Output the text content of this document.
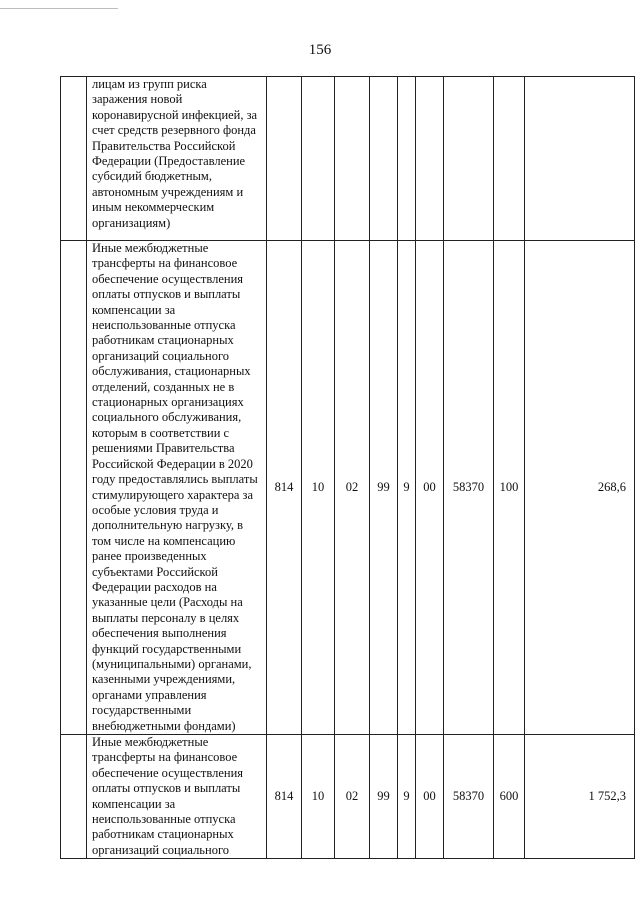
156
	лицам из групп риска заражения новой коронавирусной инфекцией, за счет средств резервного фонда Правительства Российской Федерации (Предоставление субсидий бюджетным, автономным учреждениям и иным некоммерческим организациям)									
	Иные межбюджетные трансферты на финансовое обеспечение осуществления оплаты отпусков и выплаты компенсации за неиспользованные отпуска работникам стационарных организаций социального обслуживания, стационарных отделений, созданных не в стационарных организациях социального обслуживания, которым в соответствии с решениями Правительства Российской Федерации в 2020 году предоставлялись выплаты стимулирующего характера за особые условия труда и дополнительную нагрузку, в том числе на компенсацию ранее произведенных субъектами Российской Федерации расходов на указанные цели (Расходы на выплаты персоналу в целях обеспечения выполнения функций государственными (муниципальными) органами, казенными учреждениями, органами управления государственными внебюджетными фондами)	814	10	02	99	9	00	58370	100	268,6
	Иные межбюджетные трансферты на финансовое обеспечение осуществления оплаты отпусков и выплаты компенсации за неиспользованные отпуска работникам стационарных организаций социального	814	10	02	99	9	00	58370	600	1 752,3
